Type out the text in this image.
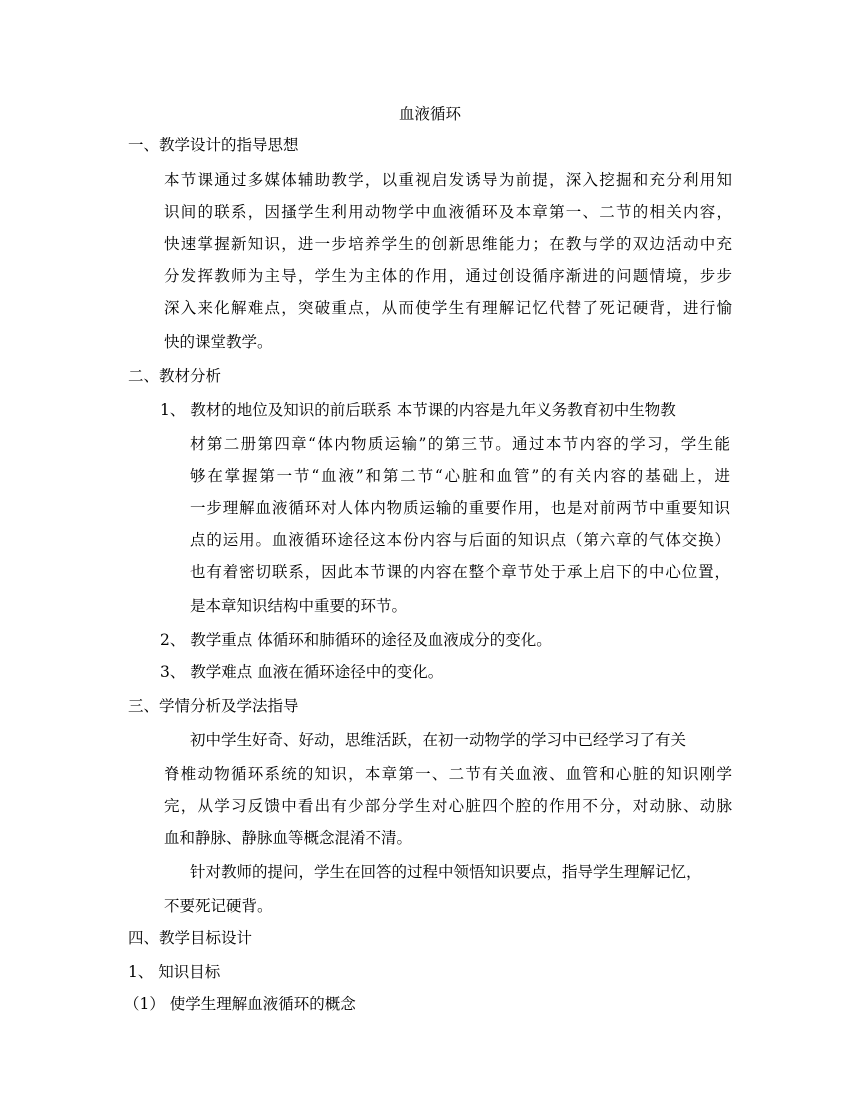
血液循环
一、教学设计的指导思想
本节课通过多媒体辅助教学，以重视启发诱导为前提，深入挖掘和充分利用知
识间的联系，因搔学生利用动物学中血液循环及本章第一、二节的相关内容，
快速掌握新知识，进一步培养学生的创新思维能力；在教与学的双边活动中充
分发挥教师为主导，学生为主体的作用，通过创设循序渐进的问题情境，步步
深入来化解难点，突破重点，从而使学生有理解记忆代替了死记硬背，进行愉
快的课堂教学。
二、教材分析
1、 教材的地位及知识的前后联系 本节课的内容是九年义务教育初中生物教
材第二册第四章“体内物质运输”的第三节。通过本节内容的学习，学生能
够在掌握第一节“血液”和第二节“心脏和血管”的有关内容的基础上，进
一步理解血液循环对人体内物质运输的重要作用，也是对前两节中重要知识
点的运用。血液循环途径这本份内容与后面的知识点（第六章的气体交换）
也有着密切联系，因此本节课的内容在整个章节处于承上启下的中心位置，
是本章知识结构中重要的环节。
2、 教学重点 体循环和肺循环的途径及血液成分的变化。
3、 教学难点 血液在循环途径中的变化。
三、学情分析及学法指导
初中学生好奇、好动，思维活跃，在初一动物学的学习中已经学习了有关
脊椎动物循环系统的知识，本章第一、二节有关血液、血管和心脏的知识刚学
完，从学习反馈中看出有少部分学生对心脏四个腔的作用不分，对动脉、动脉
血和静脉、静脉血等概念混淆不清。
针对教师的提问，学生在回答的过程中领悟知识要点，指导学生理解记忆，
不要死记硬背。
四、教学目标设计
1、 知识目标
（1） 使学生理解血液循环的概念
